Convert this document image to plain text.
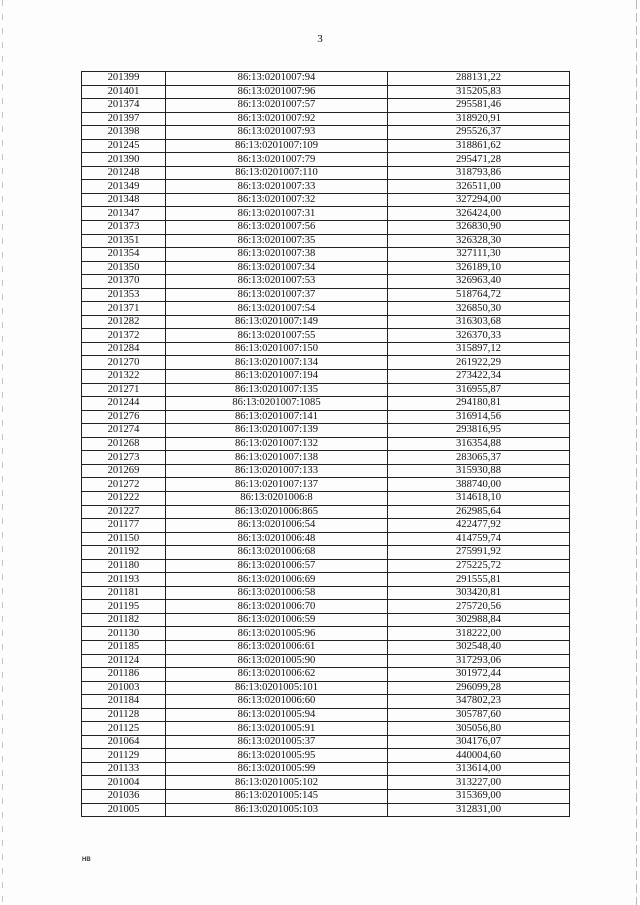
3
201399	86:13:0201007:94	288131,22
201401	86:13:0201007:96	315205,83
201374	86:13:0201007:57	295581,46
201397	86:13:0201007:92	318920,91
201398	86:13:0201007:93	295526,37
201245	86:13:0201007:109	318861,62
201390	86:13:0201007:79	295471,28
201248	86:13:0201007:110	318793,86
201349	86:13:0201007:33	326511,00
201348	86:13:0201007:32	327294,00
201347	86:13:0201007:31	326424,00
201373	86:13:0201007:56	326830,90
201351	86:13:0201007:35	326328,30
201354	86:13:0201007:38	327111,30
201350	86:13:0201007:34	326189,10
201370	86:13:0201007:53	326963,40
201353	86:13:0201007:37	518764,72
201371	86:13:0201007:54	326850,30
201282	86:13:0201007:149	316303,68
201372	86:13:0201007:55	326370,33
201284	86:13:0201007:150	315897,12
201270	86:13:0201007:134	261922,29
201322	86:13:0201007:194	273422,34
201271	86:13:0201007:135	316955,87
201244	86:13:0201007:1085	294180,81
201276	86:13:0201007:141	316914,56
201274	86:13:0201007:139	293816,95
201268	86:13:0201007:132	316354,88
201273	86:13:0201007:138	283065,37
201269	86:13:0201007:133	315930,88
201272	86:13:0201007:137	388740,00
201222	86:13:0201006:8	314618,10
201227	86:13:0201006:865	262985,64
201177	86:13:0201006:54	422477,92
201150	86:13:0201006:48	414759,74
201192	86:13:0201006:68	275991,92
201180	86:13:0201006:57	275225,72
201193	86:13:0201006:69	291555,81
201181	86:13:0201006:58	303420,81
201195	86:13:0201006:70	275720,56
201182	86:13:0201006:59	302988,84
201130	86:13:0201005:96	318222,00
201185	86:13:0201006:61	302548,40
201124	86:13:0201005:90	317293,06
201186	86:13:0201006:62	301972,44
201003	86:13:0201005:101	296099,28
201184	86:13:0201006:60	347802,23
201128	86:13:0201005:94	305787,60
201125	86:13:0201005:91	305056,80
201064	86:13:0201005:37	304176,07
201129	86:13:0201005:95	440004,60
201133	86:13:0201005:99	313614,00
201004	86:13:0201005:102	313227,00
201036	86:13:0201005:145	315369,00
201005	86:13:0201005:103	312831,00
HB
